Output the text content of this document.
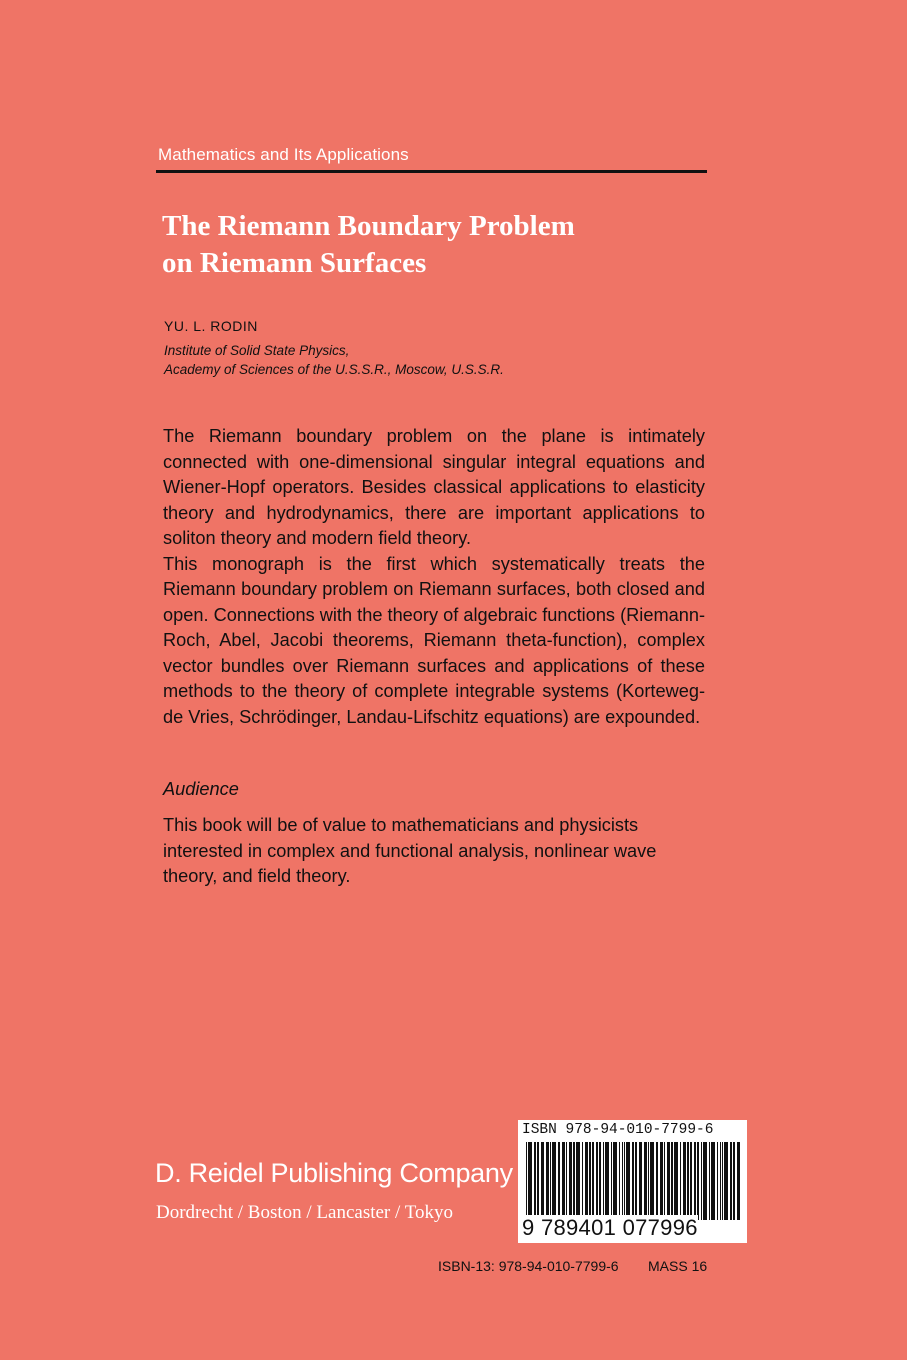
Mathematics and Its Applications
The Riemann Boundary Problem
on Riemann Surfaces
YU. L. RODIN
Institute of Solid State Physics,
Academy of Sciences of the U.S.S.R., Moscow, U.S.S.R.

The Riemann boundary problem on the plane is intimately connected with one-dimensional singular integral equations and Wiener-Hopf operators. Besides classical applications to elasticity theory and hydrodynamics, there are important applications to soliton theory and modern field theory.

This monograph is the first which systematically treats the Riemann boundary problem on Riemann surfaces, both closed and open. Connections with the theory of algebraic functions (Riemann-Roch, Abel, Jacobi theorems, Riemann theta-function), complex vector bundles over Riemann surfaces and applications of these methods to the theory of complete integrable systems (Korteweg-de Vries, Schrödinger, Landau-Lifschitz equations) are expounded.

Audience
This book will be of value to mathematicians and physicists interested in complex and functional analysis, nonlinear wave theory, and field theory.
D. Reidel Publishing Company
Dordrecht / Boston / Lancaster / Tokyo
ISBN 978-94-010-7799-6
9 789401 077996
ISBN-13: 978-94-010-7799-6 MASS 16
